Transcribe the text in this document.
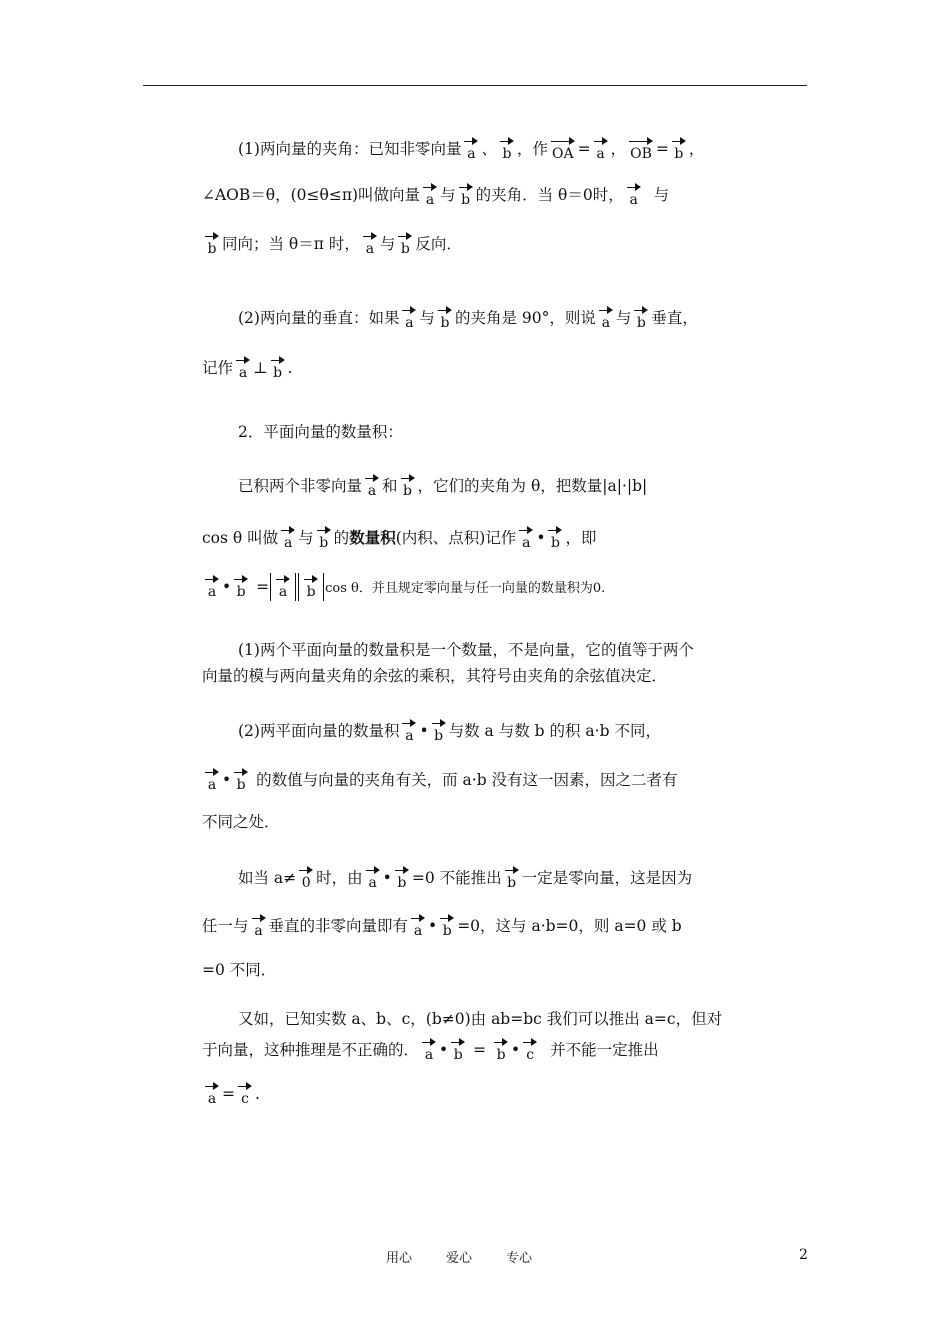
(1)两向量的夹角：已知非零向量 a 、 b ，作 OA = a ， OB = b ，
∠AOB＝θ，(0≤θ≤π)叫做向量 a 与 b 的夹角．当 θ＝0时， a 与
b 同向；当 θ＝π 时， a 与 b 反向．
(2)两向量的垂直：如果 a 与 b 的夹角是 90°，则说 a 与 b 垂直，
记作 a ⊥ b .
2．平面向量的数量积：
已积两个非零向量 a 和 b ，它们的夹角为 θ，把数量|a|·|b|
cos θ 叫做 a 与 b 的数量积(内积、点积)记作 a • b ，即
a • b = a b cos θ．并且规定零向量与任一向量的数量积为0.
(1)两个平面向量的数量积是一个数量，不是向量，它的值等于两个
向量的模与两向量夹角的余弦的乘积，其符号由夹角的余弦值决定．
(2)两平面向量的数量积 a • b 与数 a 与数 b 的积 a·b 不同，
a • b 的数值与向量的夹角有关，而 a·b 没有这一因素，因之二者有
不同之处．
如当 a≠ 0 时，由 a • b =0 不能推出 b 一定是零向量，这是因为
任一与 a 垂直的非零向量即有 a • b =0，这与 a·b=0，则 a=0 或 b
=0 不同．
又如，已知实数 a、b、c，(b≠0)由 ab=bc 我们可以推出 a=c，但对
于向量，这种推理是不正确的． a • b = b • c 并不能一定推出
a = c .
用心	爱心	专心	2
